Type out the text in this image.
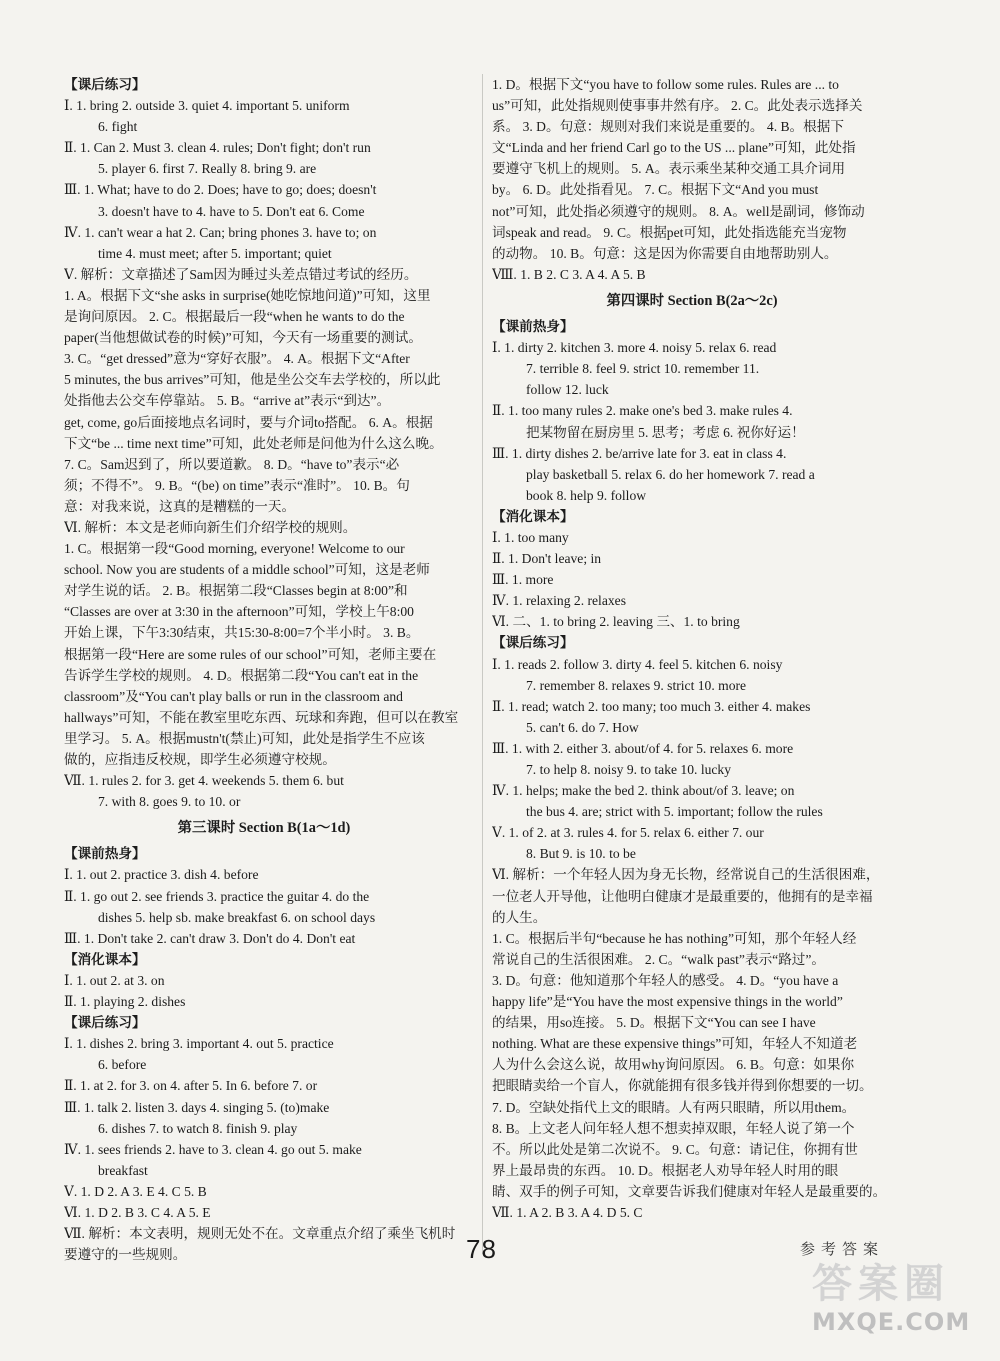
【课后练习】
Ⅰ. 1. bring 2. outside 3. quiet 4. important 5. uniform
6. fight
Ⅱ. 1. Can 2. Must 3. clean 4. rules; Don't fight; don't run
5. player 6. first 7. Really 8. bring 9. are
Ⅲ. 1. What; have to do 2. Does; have to go; does; doesn't
3. doesn't have to 4. have to 5. Don't eat 6. Come
Ⅳ. 1. can't wear a hat 2. Can; bring phones 3. have to; on
time 4. must meet; after 5. important; quiet
Ⅴ. 解析：文章描述了Sam因为睡过头差点错过考试的经历。
1. A。根据下文“she asks in surprise(她吃惊地问道)”可知，这里
是询问原因。 2. C。根据最后一段“when he wants to do the
paper(当他想做试卷的时候)”可知，今天有一场重要的测试。
3. C。“get dressed”意为“穿好衣服”。 4. A。根据下文“After
5 minutes, the bus arrives”可知，他是坐公交车去学校的，所以此
处指他去公交车停靠站。 5. B。“arrive at”表示“到达”。
get, come, go后面接地点名词时，要与介词to搭配。 6. A。根据
下文“be ... time next time”可知，此处老师是问他为什么这么晚。
7. C。Sam迟到了，所以要道歉。 8. D。“have to”表示“必
须；不得不”。 9. B。“(be) on time”表示“准时”。 10. B。句
意：对我来说，这真的是糟糕的一天。
Ⅵ. 解析：本文是老师向新生们介绍学校的规则。
1. C。根据第一段“Good morning, everyone! Welcome to our
school. Now you are students of a middle school”可知，这是老师
对学生说的话。 2. B。根据第二段“Classes begin at 8:00”和
“Classes are over at 3:30 in the afternoon”可知，学校上午8:00
开始上课，下午3:30结束，共15:30-8:00=7个半小时。 3. B。
根据第一段“Here are some rules of our school”可知，老师主要在
告诉学生学校的规则。 4. D。根据第二段“You can't eat in the
classroom”及“You can't play balls or run in the classroom and
hallways”可知，不能在教室里吃东西、玩球和奔跑，但可以在教室
里学习。 5. A。根据mustn't(禁止)可知，此处是指学生不应该
做的，应指违反校规，即学生必须遵守校规。
Ⅶ. 1. rules 2. for 3. get 4. weekends 5. them 6. but
7. with 8. goes 9. to 10. or
第三课时 Section B(1a～1d)
【课前热身】
Ⅰ. 1. out 2. practice 3. dish 4. before
Ⅱ. 1. go out 2. see friends 3. practice the guitar 4. do the
dishes 5. help sb. make breakfast 6. on school days
Ⅲ. 1. Don't take 2. can't draw 3. Don't do 4. Don't eat
【消化课本】
Ⅰ. 1. out 2. at 3. on
Ⅱ. 1. playing 2. dishes
【课后练习】
Ⅰ. 1. dishes 2. bring 3. important 4. out 5. practice
6. before
Ⅱ. 1. at 2. for 3. on 4. after 5. In 6. before 7. or
Ⅲ. 1. talk 2. listen 3. days 4. singing 5. (to)make
6. dishes 7. to watch 8. finish 9. play
Ⅳ. 1. sees friends 2. have to 3. clean 4. go out 5. make
breakfast
Ⅴ. 1. D 2. A 3. E 4. C 5. B
Ⅵ. 1. D 2. B 3. C 4. A 5. E
Ⅶ. 解析：本文表明，规则无处不在。文章重点介绍了乘坐飞机时
要遵守的一些规则。
1. D。根据下文“you have to follow some rules. Rules are ... to
us”可知，此处指规则使事事井然有序。 2. C。此处表示选择关
系。 3. D。句意：规则对我们来说是重要的。 4. B。根据下
文“Linda and her friend Carl go to the US ... plane”可知，此处指
要遵守飞机上的规则。 5. A。表示乘坐某种交通工具介词用
by。 6. D。此处指看见。 7. C。根据下文“And you must
not”可知，此处指必须遵守的规则。 8. A。well是副词，修饰动
词speak and read。 9. C。根据pet可知，此处指选能充当宠物
的动物。 10. B。句意：这是因为你需要自由地帮助别人。
Ⅷ. 1. B 2. C 3. A 4. A 5. B
第四课时 Section B(2a～2c)
【课前热身】
Ⅰ. 1. dirty 2. kitchen 3. more 4. noisy 5. relax 6. read
7. terrible 8. feel 9. strict 10. remember 11.
follow 12. luck
Ⅱ. 1. too many rules 2. make one's bed 3. make rules 4.
把某物留在厨房里 5. 思考；考虑 6. 祝你好运！
Ⅲ. 1. dirty dishes 2. be/arrive late for 3. eat in class 4.
play basketball 5. relax 6. do her homework 7. read a
book 8. help 9. follow
【消化课本】
Ⅰ. 1. too many
Ⅱ. 1. Don't leave; in
Ⅲ. 1. more
Ⅳ. 1. relaxing 2. relaxes
Ⅵ. 二、1. to bring 2. leaving 三、1. to bring
【课后练习】
Ⅰ. 1. reads 2. follow 3. dirty 4. feel 5. kitchen 6. noisy
7. remember 8. relaxes 9. strict 10. more
Ⅱ. 1. read; watch 2. too many; too much 3. either 4. makes
5. can't 6. do 7. How
Ⅲ. 1. with 2. either 3. about/of 4. for 5. relaxes 6. more
7. to help 8. noisy 9. to take 10. lucky
Ⅳ. 1. helps; make the bed 2. think about/of 3. leave; on
the bus 4. are; strict with 5. important; follow the rules
Ⅴ. 1. of 2. at 3. rules 4. for 5. relax 6. either 7. our
8. But 9. is 10. to be
Ⅵ. 解析：一个年轻人因为身无长物，经常说自己的生活很困难，
一位老人开导他，让他明白健康才是最重要的，他拥有的是幸福
的人生。
1. C。根据后半句“because he has nothing”可知，那个年轻人经
常说自己的生活很困难。 2. C。“walk past”表示“路过”。
3. D。句意：他知道那个年轻人的感受。 4. D。“you have a
happy life”是“You have the most expensive things in the world”
的结果，用so连接。 5. D。根据下文“You can see I have
nothing. What are these expensive things”可知，年轻人不知道老
人为什么会这么说，故用why询问原因。 6. B。句意：如果你
把眼睛卖给一个盲人，你就能拥有很多钱并得到你想要的一切。
7. D。空缺处指代上文的眼睛。人有两只眼睛，所以用them。
8. B。上文老人问年轻人想不想卖掉双眼，年轻人说了第一个
不。所以此处是第二次说不。 9. C。句意：请记住，你拥有世
界上最昂贵的东西。 10. D。根据老人劝导年轻人时用的眼
睛、双手的例子可知，文章要告诉我们健康对年轻人是最重要的。
Ⅶ. 1. A 2. B 3. A 4. D 5. C
78	参考答案
答案圈
MXQE.COM
